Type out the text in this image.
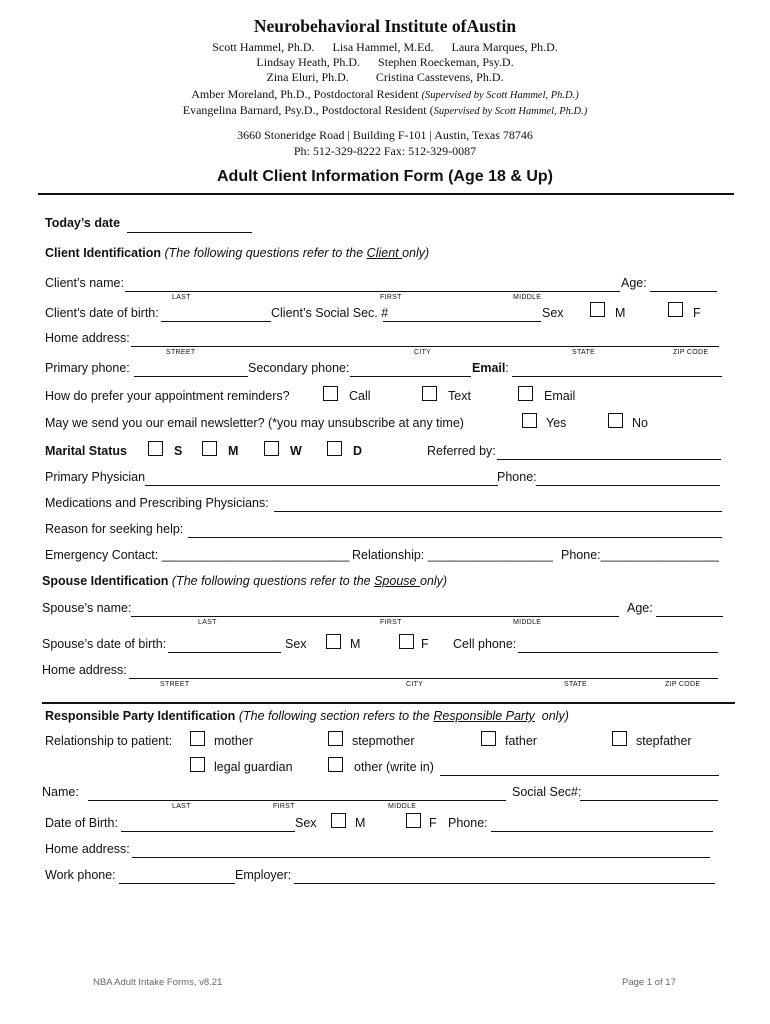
Neurobehavioral Institute ofAustin
Scott Hammel, Ph.D.      Lisa Hammel, M.Ed.      Laura Marques, Ph.D.
Lindsay Heath, Ph.D.      Stephen Roeckeman, Psy.D.
Zina Eluri, Ph.D.         Cristina Casstevens, Ph.D.
Amber Moreland, Ph.D., Postdoctoral Resident (Supervised by Scott Hammel, Ph.D.)
Evangelina Barnard, Psy.D., Postdoctoral Resident (Supervised by Scott Hammel, Ph.D.)
3660 Stoneridge Road | Building F-101 | Austin, Texas 78746
Ph: 512-329-8222 Fax: 512-329-0087
Adult Client Information Form (Age 18 & Up)
Today’s date
Client Identification (The following questions refer to the Client only)
Client’s name:	Age:
LAST	FIRST	MIDDLE
Client’s date of birth:	Client’s Social Sec. #	Sex	M	F
Home address:
STREET	CITY	STATE	ZIP CODE
Primary phone:	Secondary phone:	Email:
How do prefer your appointment reminders?	Call	Text	Email
May we send you our email newsletter? (*you may unsubscribe at any time)	Yes	No
Marital Status	S	M	W	D	Referred by:
Primary Physician	Phone:
Medications and Prescribing Physicians:
Reason for seeking help:
Emergency Contact: ___________________________ Relationship: __________________ Phone:_________________
Spouse Identification (The following questions refer to the Spouse only)
Spouse’s name:	Age:
LAST	FIRST	MIDDLE
Spouse’s date of birth:	Sex	M	F Cell phone:
Home address:
STREET	CITY	STATE	ZIP CODE
Responsible Party Identification (The following section refers to the Responsible Party  only)
Relationship to patient:	mother	stepmother	father	stepfather
legal guardian	other (write in)
Name:	Social Sec#:
LAST	FIRST	MIDDLE
Date of Birth:	Sex	M	F Phone:
Home address:
Work phone:	Employer:
NBA Adult Intake Forms, v8.21	Page 1 of 17
